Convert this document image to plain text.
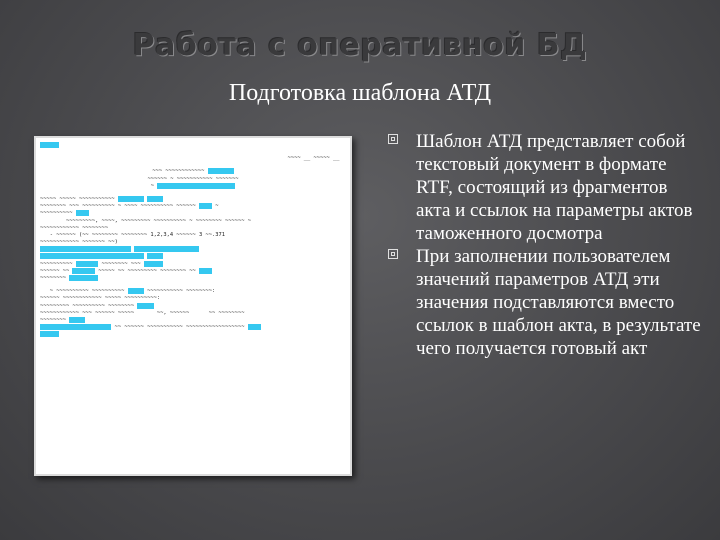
Работа с оперативной БД
Подготовка шаблона АТД

~~~~ __ ~~~~~ __
~~~ ~~~~~~~~~~~~
~~~~~~ ~ ~~~~~~~~~~~ ~~~~~~~
~
~~~~~ ~~~~~ ~~~~~~~~~~~
~~~~~~~~ ~~~ ~~~~~~~~~~ ~ ~~~~ ~~~~~~~~~~ ~~~~~~      ~
~~~~~~~~~~
~~~~~~~~~, ~~~~, ~~~~~~~~~ ~~~~~~~~~~ ~ ~~~~~~~~ ~~~~~~ ~
~~~~~~~~~~~~ ~~~~~~~~
- ~~~~~~ (~~ ~~~~~~~~ ~~~~~~~~ 1,2,3,4 ~~~~~~ 3 ~~.371
~~~~~~~~~~~~ ~~~~~~~ ~~)

~~~~~~~~~~	~~~~~~~~ ~~~
~~~~~~ ~~	~~~~~ ~~ ~~~~~~~~~ ~~~~~~~~ ~~
~~~~~~~~
~ ~~~~~~~~~~ ~~~~~~~~~~	~~~~~~~~~~~ ~~~~~~~~:
~~~~~~ ~~~~~~~~~~~~ ~~~~~ ~~~~~~~~~~:
~~~~~~~~~ ~~~~~~~~~~ ~~~~~~~~
~~~~~~~~~~~~ ~~~ ~~~~~~ ~~~~~       ~~, ~~~~~~      ~~ ~~~~~~~~
~~~~~~~~
~~ ~~~~~~ ~~~~~~~~~~~ ~~~~~~~~~~~~~~~~~~

Шаблон АТД представляет собой текстовый документ в формате RTF, состоящий из фрагментов акта и ссылок на параметры актов таможенного досмотра
При заполнении пользователем значений параметров АТД эти значения подставляются вместо ссылок в шаблон акта, в результате чего получается готовый акт
